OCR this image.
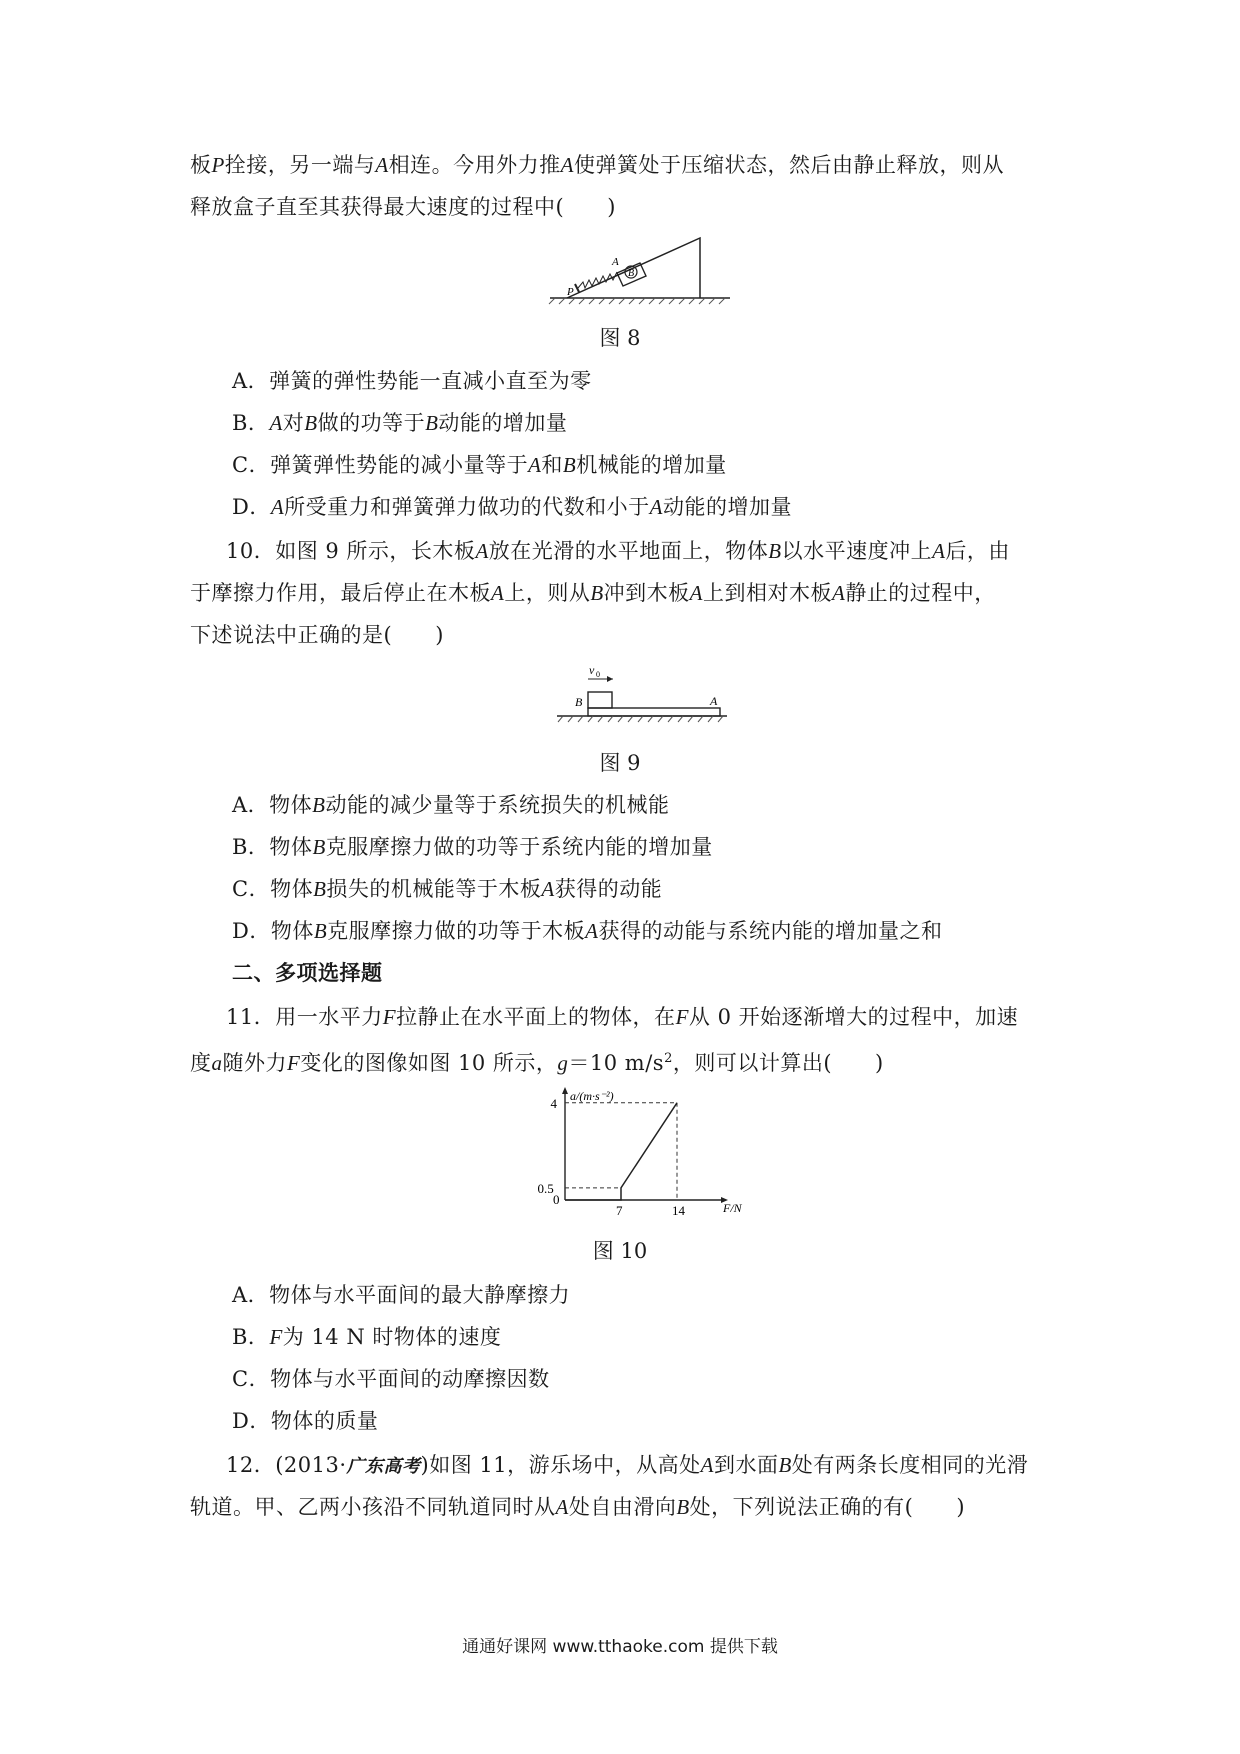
板P拴接，另一端与A相连。今用外力推A使弹簧处于压缩状态，然后由静止释放，则从
释放盒子直至其获得最大速度的过程中(　　)
P
A
B
图 8
A．弹簧的弹性势能一直减小直至为零
B．A对B做的功等于B动能的增加量
C．弹簧弹性势能的减小量等于A和B机械能的增加量
D．A所受重力和弹簧弹力做功的代数和小于A动能的增加量
10．如图 9 所示，长木板A放在光滑的水平地面上，物体B以水平速度冲上A后，由
于摩擦力作用，最后停止在木板A上，则从B冲到木板A上到相对木板A静止的过程中，
下述说法中正确的是(　　)
v 0
B	A
图 9
A．物体B动能的减少量等于系统损失的机械能
B．物体B克服摩擦力做的功等于系统内能的增加量
C．物体B损失的机械能等于木板A获得的动能
D．物体B克服摩擦力做的功等于木板A获得的动能与系统内能的增加量之和
二、多项选择题
11．用一水平力F拉静止在水平面上的物体，在F从 0 开始逐渐增大的过程中，加速
度a随外力F变化的图像如图 10 所示，g＝10 $m/s^2$，则可以计算出(　　)
a/(m·s⁻²)
F/N
0
7	14
0.5
4
图 10
A．物体与水平面间的最大静摩擦力
B．F为 14 N 时物体的速度
C．物体与水平面间的动摩擦因数
D．物体的质量
12．(2013·广东高考)如图 11，游乐场中，从高处A到水面B处有两条长度相同的光滑
轨道。甲、乙两小孩沿不同轨道同时从A处自由滑向B处，下列说法正确的有(　　)
通通好课网 www.tthaoke.com 提供下载
